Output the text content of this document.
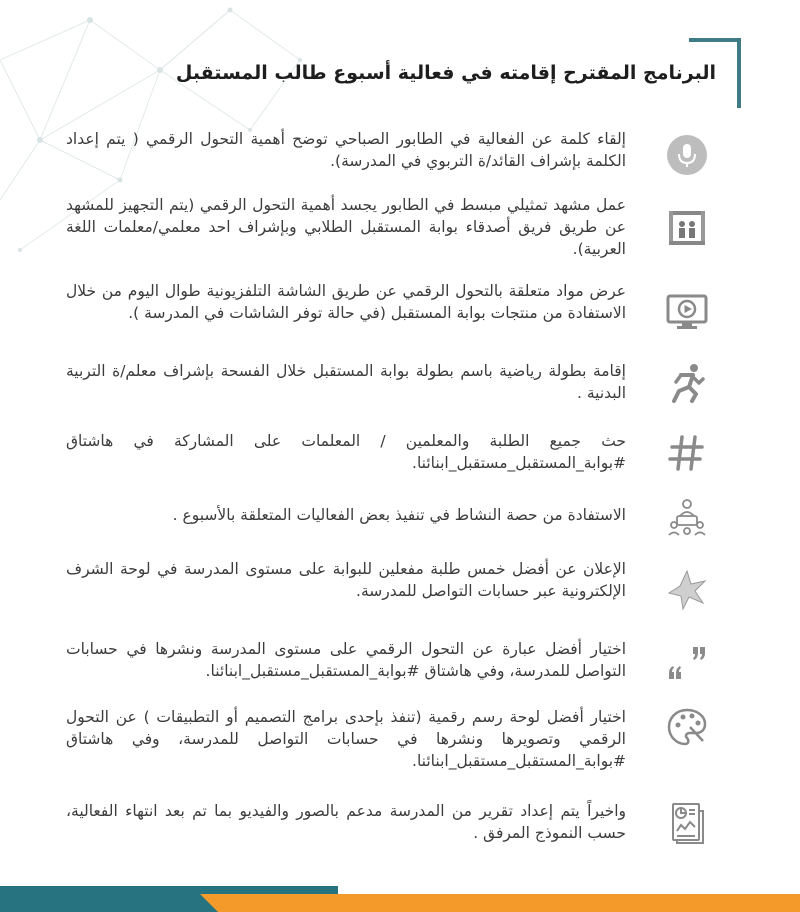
البرنامج المقترح إقامته في فعالية أسبوع طالب المستقبل

إلقاء كلمة عن الفعالية في الطابور الصباحي توضح أهمية التحول الرقمي ( يتم إعداد الكلمة بإشراف القائد/ة التربوي في المدرسة).

عمل مشهد تمثيلي مبسط في الطابور يجسد أهمية التحول الرقمي (يتم التجهيز للمشهد عن طريق فريق أصدقاء بوابة المستقبل الطلابي وبإشراف احد معلمي/معلمات اللغة العربية).

عرض مواد متعلقة بالتحول الرقمي عن طريق الشاشة التلفزيونية طوال اليوم من خلال الاستفادة من منتجات بوابة المستقبل (في حالة توفر الشاشات في المدرسة ).

إقامة بطولة رياضية باسم بطولة بوابة المستقبل خلال الفسحة بإشراف معلم/ة التربية البدنية .

حث جميع الطلبة والمعلمين / المعلمات على المشاركة في هاشتاق #بوابة_المستقبل_مستقبل_ابنائنا.

الاستفادة من حصة النشاط في تنفيذ بعض الفعاليات المتعلقة بالأسبوع .

الإعلان عن أفضل خمس طلبة مفعلين للبوابة على مستوى المدرسة في لوحة الشرف الإلكترونية عبر حسابات التواصل للمدرسة.

اختيار أفضل عبارة عن التحول الرقمي على مستوى المدرسة ونشرها في حسابات التواصل للمدرسة، وفي هاشتاق #بوابة_المستقبل_مستقبل_ابنائنا.

اختيار أفضل لوحة رسم رقمية (تنفذ بإحدى برامج التصميم أو التطبيقات ) عن التحول الرقمي وتصويرها ونشرها في حسابات التواصل للمدرسة، وفي هاشتاق #بوابة_المستقبل_مستقبل_ابنائنا.

واخيراً يتم إعداد تقرير من المدرسة مدعم بالصور والفيديو بما تم بعد انتهاء الفعالية، حسب النموذج المرفق .
